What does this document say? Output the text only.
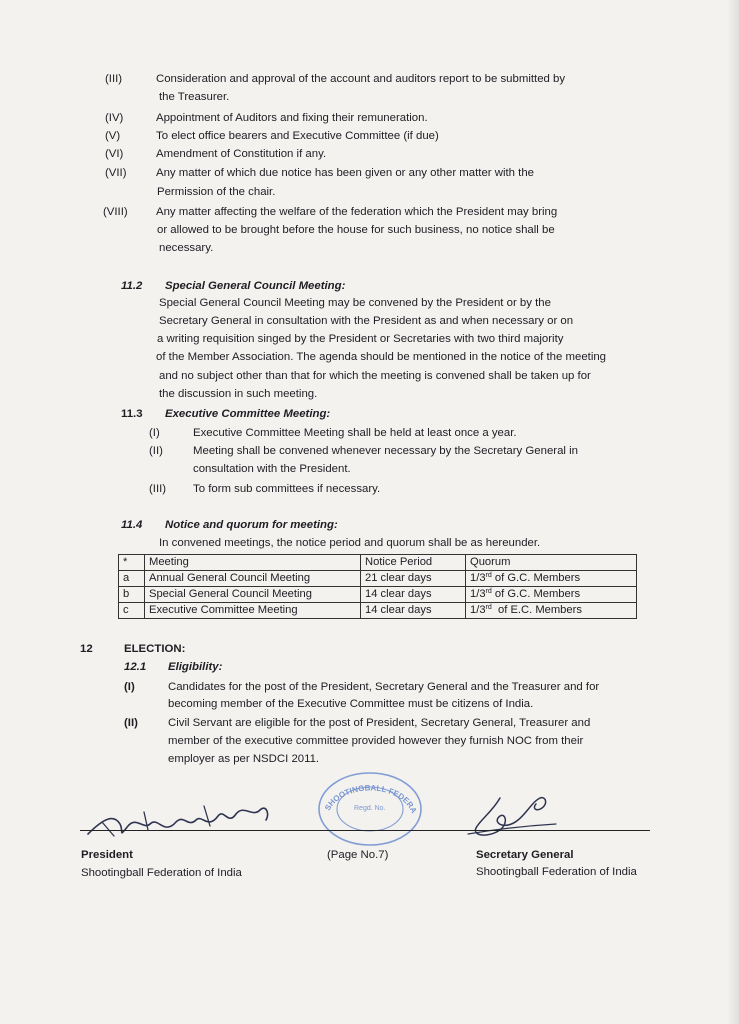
(III)	Consideration and approval of the account and auditors report to be submitted by
the Treasurer.
(IV)	Appointment of Auditors and fixing their remuneration.
(V)	To elect office bearers and Executive Committee (if due)
(VI)	Amendment of Constitution if any.
(VII)	Any matter of which due notice has been given or any other matter with the
Permission of the chair.
(VIII) Any matter affecting the welfare of the federation which the President may bring
or allowed to be brought before the house for such business, no notice shall be
necessary.
11.2 Special General Council Meeting:
Special General Council Meeting may be convened by the President or by the
Secretary General in consultation with the President as and when necessary or on
a writing requisition singed by the President or Secretaries with two third majority
of the Member Association. The agenda should be mentioned in the notice of the meeting
and no subject other than that for which the meeting is convened shall be taken up for
the discussion in such meeting.
11.3 Executive Committee Meeting:
(I)	Executive Committee Meeting shall be held at least once a year.
(II)	Meeting shall be convened whenever necessary by the Secretary General in
consultation with the President.
(III) To form sub committees if necessary.
11.4 Notice and quorum for meeting:
In convened meetings, the notice period and quorum shall be as hereunder.
*	Meeting	Notice Period	Quorum
a	Annual General Council Meeting	21 clear days	1/3rd of G.C. Members
b	Special General Council Meeting	14 clear days	1/3rd of G.C. Members
c	Executive Committee Meeting	14 clear days	1/3rd  of E.C. Members
12	ELECTION:
12.1 Eligibility:
(I)	Candidates for the post of the President, Secretary General and the Treasurer and for
becoming member of the Executive Committee must be citizens of India.
(II)	Civil Servant are eligible for the post of President, Secretary General, Treasurer and
member of the executive committee provided however they furnish NOC from their
employer as per NSDCI 2011.
SHOOTINGBALL FEDERATION
Regd. No.
President
Shootingball Federation of India
(Page No.7)	Secretary General
Shootingball Federation of India
